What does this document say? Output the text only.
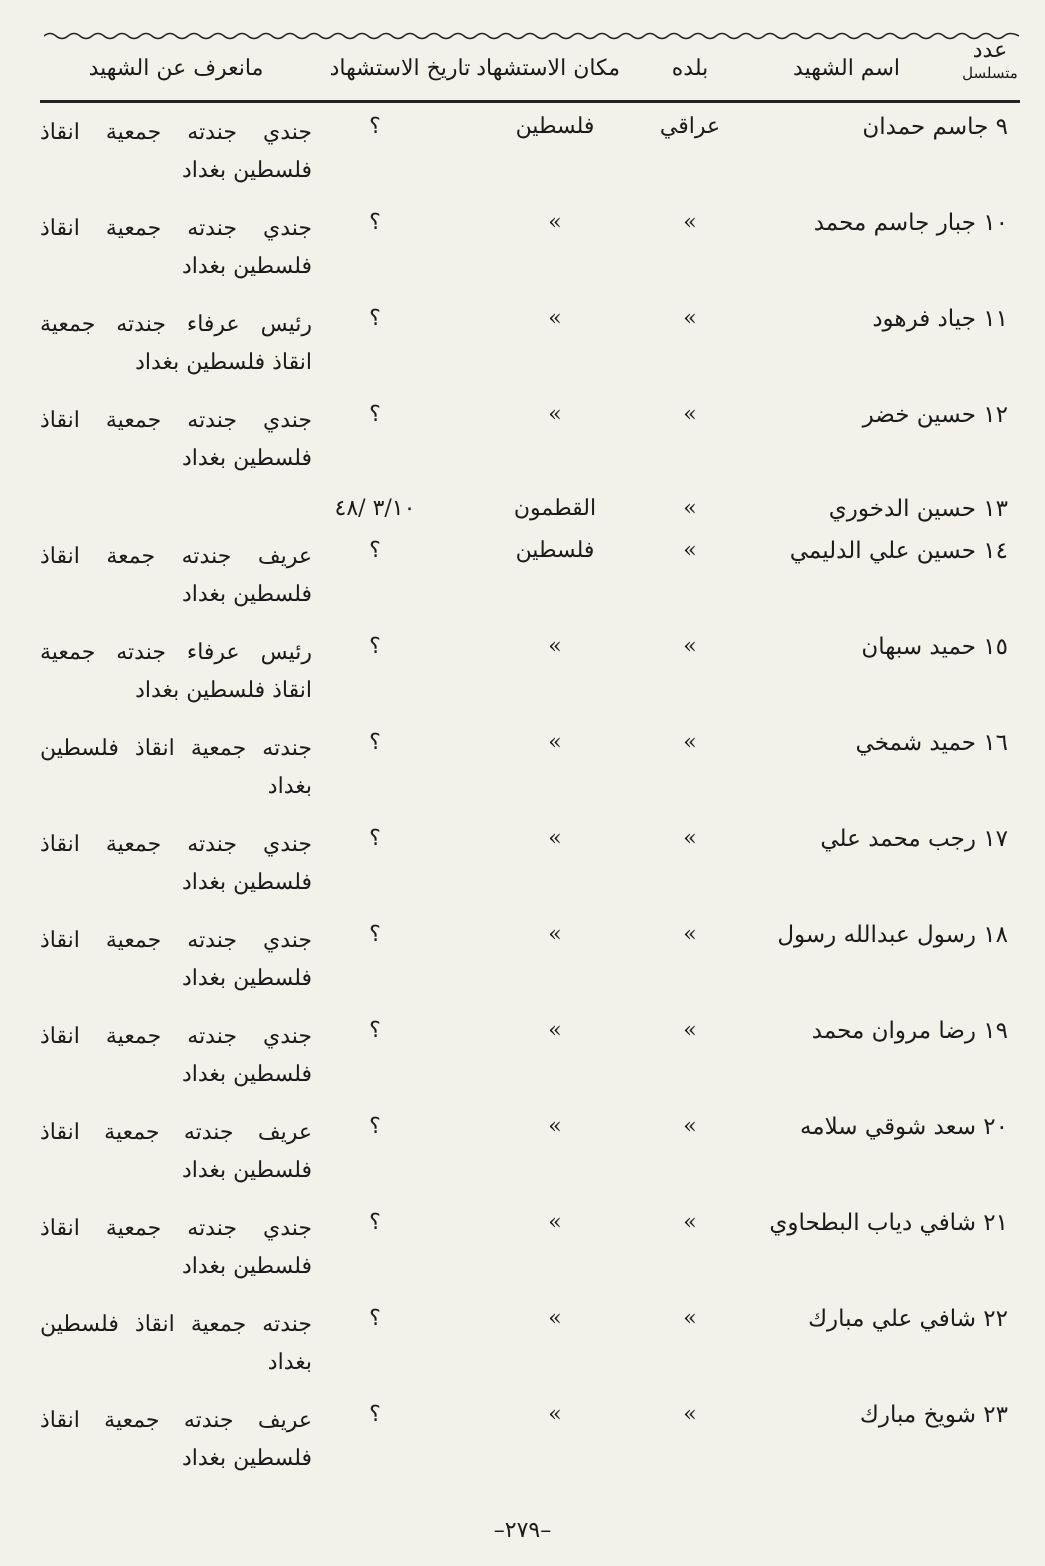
عدد
متسلسل
اسم الشهيد
بلده
مكان الاستشهاد
تاريخ الاستشهاد
مانعرف عن الشهيد
٩ جاسم حمدان
عراقي
فلسطين
؟
جندي جندته جمعية انقاذ فلسطين بغداد
١٠ جبار جاسم محمد
»
»
؟
جندي جندته جمعية انقاذ فلسطين بغداد
١١ جياد فرهود
»
»
؟
رئيس عرفاء جندته جمعية انقاذ فلسطين بغداد
١٢ حسين خضر
»
»
؟
جندي جندته جمعية انقاذ فلسطين بغداد
١٣ حسين الدخوري
»
القطمون
٣/١٠ /٤٨
١٤ حسين علي الدليمي
»
فلسطين
؟
عريف جندته جمعة انقاذ فلسطين بغداد
١٥ حميد سبهان
»
»
؟
رئيس عرفاء جندته جمعية انقاذ فلسطين بغداد
١٦ حميد شمخي
»
»
؟
جندته جمعية انقاذ فلسطين بغداد
١٧ رجب محمد علي
»
»
؟
جندي جندته جمعية انقاذ فلسطين بغداد
١٨ رسول عبدالله رسول
»
»
؟
جندي جندته جمعية انقاذ فلسطين بغداد
١٩ رضا مروان محمد
»
»
؟
جندي جندته جمعية انقاذ فلسطين بغداد
٢٠ سعد شوقي سلامه
»
»
؟
عريف جندته جمعية انقاذ فلسطين بغداد
٢١ شافي دياب البطحاوي
»
»
؟
جندي جندته جمعية انقاذ فلسطين بغداد
٢٢ شافي علي مبارك
»
»
؟
جندته جمعية انقاذ فلسطين بغداد
٢٣ شويخ مبارك
»
»
؟
عريف جندته جمعية انقاذ فلسطين بغداد
–٢٧٩–
